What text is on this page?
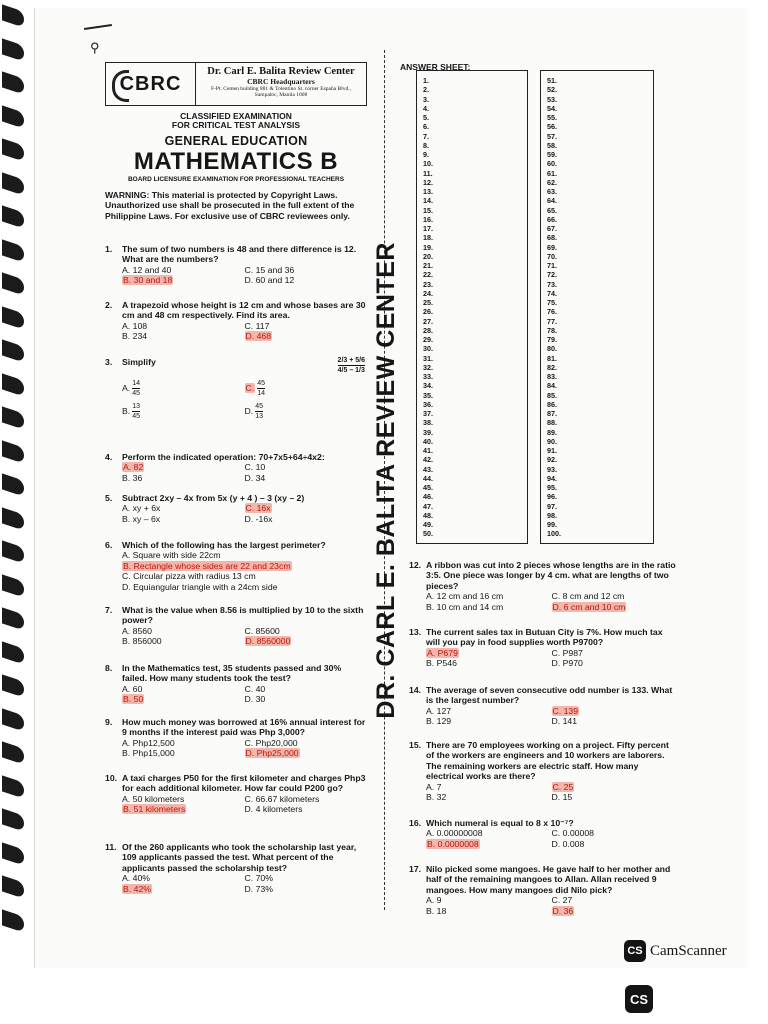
⚲
CBRC
Dr. Carl E. Balita Review Center
CBRC Headquarters
F-Pt. Cemen building 881 & Tolentino St. corner España Blvd., Sampaloc, Manila 1008
CLASSIFIED EXAMINATION
FOR CRITICAL TEST ANALYSIS
GENERAL EDUCATION
MATHEMATICS B
BOARD LICENSURE EXAMINATION FOR PROFESSIONAL TEACHERS
WARNING: This material is protected by Copyright Laws. Unauthorized use shall be prosecuted in the full extent of the Philippine Laws. For exclusive use of CBRC reviewees only.
1.	The sum of two numbers is 48 and there difference is 12. What are the numbers?
A. 12 and 40	C. 15 and 36
B. 30 and 18	D. 60 and 12
2.	A trapezoid whose height is 12 cm and whose bases are 30 cm and 48 cm respectively. Find its area.
A. 108	C. 117
B. 234	D. 468
3.	Simplify	$\frac{2/3 + 5/6}{4/5 - 1/3}$
A. $\frac{14}{45}$	C. $\frac{45}{14}$
B. $\frac{13}{45}$	D. $\frac{45}{13}$
4.	Perform the indicated operation: 70+7x5+64÷4x2:
A. 82	C. 10
B. 36	D. 34
5.	Subtract 2xy – 4x from 5x (y + 4 ) – 3 (xy – 2)
A. xy + 6x	C. 16x
B. xy – 6x	D. -16x
6.	Which of the following has the largest perimeter?
A. Square with side 22cm
B. Rectangle whose sides are 22 and 23cm
C. Circular pizza with radius 13 cm
D. Equiangular triangle with a 24cm side
7.	What is the value when 8.56 is multiplied by 10 to the sixth power?
A. 8560	C. 85600
B. 856000	D. 8560000
8.	In the Mathematics test, 35 students passed and 30% failed. How many students took the test?
A. 60	C. 40
B. 50	D. 30
9.	How much money was borrowed at 16% annual interest for 9 months if the interest paid was Php 3,000?
A. Php12,500	C. Php20,000
B. Php15,000	D. Php25,000
10. A taxi charges P50 for the first kilometer and charges Php3 for each additional kilometer. How far could P200 go?
A. 50 kilometers	C. 66.67 kilometers
B. 51 kilometers	D. 4 kilometers
11. Of the 260 applicants who took the scholarship last year, 109 applicants passed the test. What percent of the applicants passed the scholarship test?
A. 40%	C. 70%
B. 42%	D. 73%
12. A ribbon was cut into 2 pieces whose lengths are in the ratio 3:5. One piece was longer by 4 cm. what are lengths of two pieces?
A. 12 cm and 16 cm	C. 8 cm and 12 cm
B. 10 cm and 14 cm	D. 6 cm and 10 cm
13. The current sales tax in Butuan City is 7%. How much tax will you pay in food supplies worth P9700?
A. P679	C. P987
B. P546	D. P970
14. The average of seven consecutive odd number is 133. What is the largest number?
A. 127	C. 139
B. 129	D. 141
15. There are 70 employees working on a project. Fifty percent of the workers are engineers and 10 workers are laborers. The remaining workers are electric staff. How many electrical works are there?
A. 7	C. 25
B. 32	D. 15
16. Which numeral is equal to 8 x 10⁻⁷?
A. 0.00000008	C. 0.00008
B. 0.0000008	D. 0.008
17. Nilo picked some mangoes. He gave half to her mother and half of the remaining mangoes to Allan. Allan received 9 mangoes. How many mangoes did Nilo pick?
A. 9	C. 27
B. 18	D. 36
DR. CARL E. BALITA REVIEW CENTER
ANSWER SHEET:
1.
2.
3.
4.
5.
6.
7.
8.
9.
10.
11.
12.
13.
14.
15.
16.
17.
18.
19.
20.
21.
22.
23.
24.
25.
26.
27.
28.
29.
30.
31.
32.
33.
34.
35.
36.
37.
38.
39.
40.
41.
42.
43.
44.
45.
46.
47.
48.
49.
50.
51.
52.
53.
54.
55.
56.
57.
58.
59.
60.
61.
62.
63.
64.
65.
66.
67.
68.
69.
70.
71.
72.
73.
74.
75.
76.
77.
78.
79.
80.
81.
82.
83.
84.
85.
86.
87.
88.
89.
90.
91.
92.
93.
94.
95.
96.
97.
98.
99.
100.
CS CamScanner
CS
